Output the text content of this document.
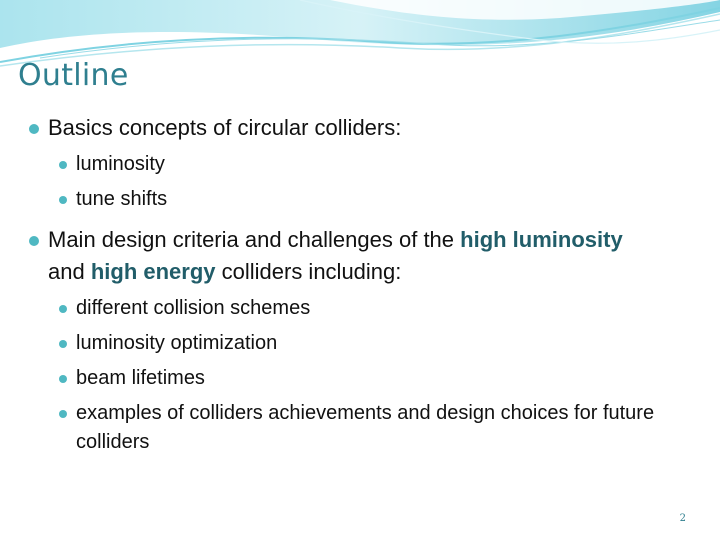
Outline
Basics concepts of circular colliders:
luminosity
tune shifts
Main design criteria and challenges of the high luminosity and high energy colliders including:
different collision schemes
luminosity optimization
beam lifetimes
examples of colliders achievements and design choices for future colliders
2
